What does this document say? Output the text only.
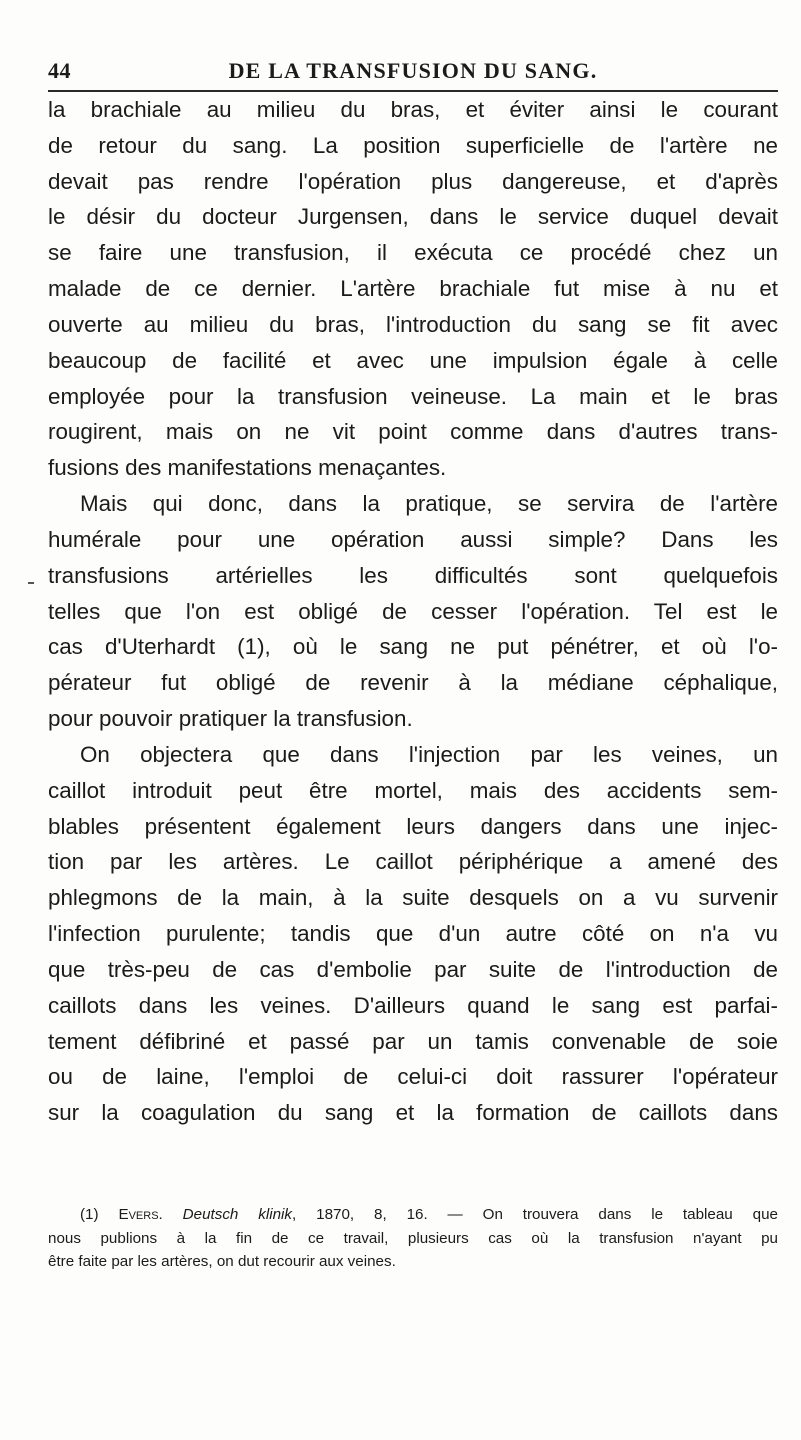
44	DE LA TRANSFUSION DU SANG.
la brachiale au milieu du bras, et éviter ainsi le courant
de retour du sang. La position superficielle de l'artère ne
devait pas rendre l'opération plus dangereuse, et d'après
le désir du docteur Jurgensen, dans le service duquel devait
se faire une transfusion, il exécuta ce procédé chez un
malade de ce dernier. L'artère brachiale fut mise à nu et
ouverte au milieu du bras, l'introduction du sang se fit avec
beaucoup de facilité et avec une impulsion égale à celle
employée pour la transfusion veineuse. La main et le bras
rougirent, mais on ne vit point comme dans d'autres trans-
fusions des manifestations menaçantes.
Mais qui donc, dans la pratique, se servira de l'artère
humérale pour une opération aussi simple? Dans les
transfusions artérielles les difficultés sont quelquefois
telles que l'on est obligé de cesser l'opération. Tel est le
cas d'Uterhardt (1), où le sang ne put pénétrer, et où l'o-
pérateur fut obligé de revenir à la médiane céphalique,
pour pouvoir pratiquer la transfusion.
On objectera que dans l'injection par les veines, un
caillot introduit peut être mortel, mais des accidents sem-
blables présentent également leurs dangers dans une injec-
tion par les artères. Le caillot périphérique a amené des
phlegmons de la main, à la suite desquels on a vu survenir
l'infection purulente; tandis que d'un autre côté on n'a vu
que très-peu de cas d'embolie par suite de l'introduction de
caillots dans les veines. D'ailleurs quand le sang est parfai-
tement défibriné et passé par un tamis convenable de soie
ou de laine, l'emploi de celui-ci doit rassurer l'opérateur
sur la coagulation du sang et la formation de caillots dans
(1) Evers. Deutsch klinik, 1870, 8, 16. — On trouvera dans le tableau que
nous publions à la fin de ce travail, plusieurs cas où la transfusion n'ayant pu
être faite par les artères, on dut recourir aux veines.
